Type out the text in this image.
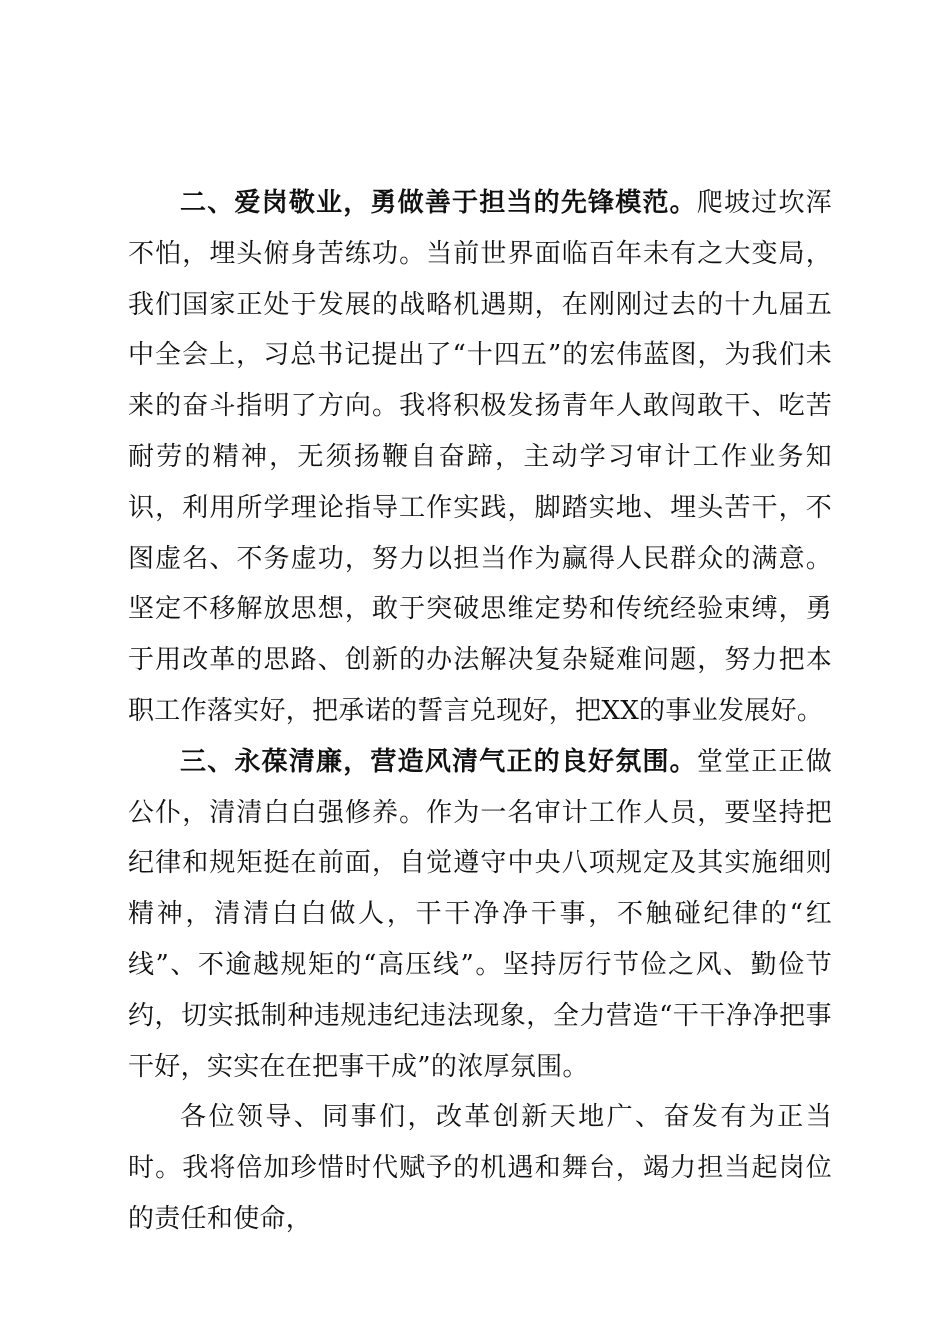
二、爱岗敬业，勇做善于担当的先锋模范。爬坡过坎浑不怕，埋头俯身苦练功。当前世界面临百年未有之大变局，我们国家正处于发展的战略机遇期，在刚刚过去的十九届五中全会上，习总书记提出了“十四五”的宏伟蓝图，为我们未来的奋斗指明了方向。我将积极发扬青年人敢闯敢干、吃苦耐劳的精神，无须扬鞭自奋蹄，主动学习审计工作业务知识，利用所学理论指导工作实践，脚踏实地、埋头苦干，不图虚名、不务虚功，努力以担当作为赢得人民群众的满意。坚定不移解放思想，敢于突破思维定势和传统经验束缚，勇于用改革的思路、创新的办法解决复杂疑难问题，努力把本职工作落实好，把承诺的誓言兑现好，把XX的事业发展好。

三、永葆清廉，营造风清气正的良好氛围。堂堂正正做公仆，清清白白强修养。作为一名审计工作人员，要坚持把纪律和规矩挺在前面，自觉遵守中央八项规定及其实施细则精神，清清白白做人，干干净净干事，不触碰纪律的“红线”、不逾越规矩的“高压线”。坚持厉行节俭之风、勤俭节约，切实抵制种违规违纪违法现象，全力营造“干干净净把事干好，实实在在把事干成”的浓厚氛围。

各位领导、同事们，改革创新天地广、奋发有为正当时。我将倍加珍惜时代赋予的机遇和舞台，竭力担当起岗位的责任和使命，
